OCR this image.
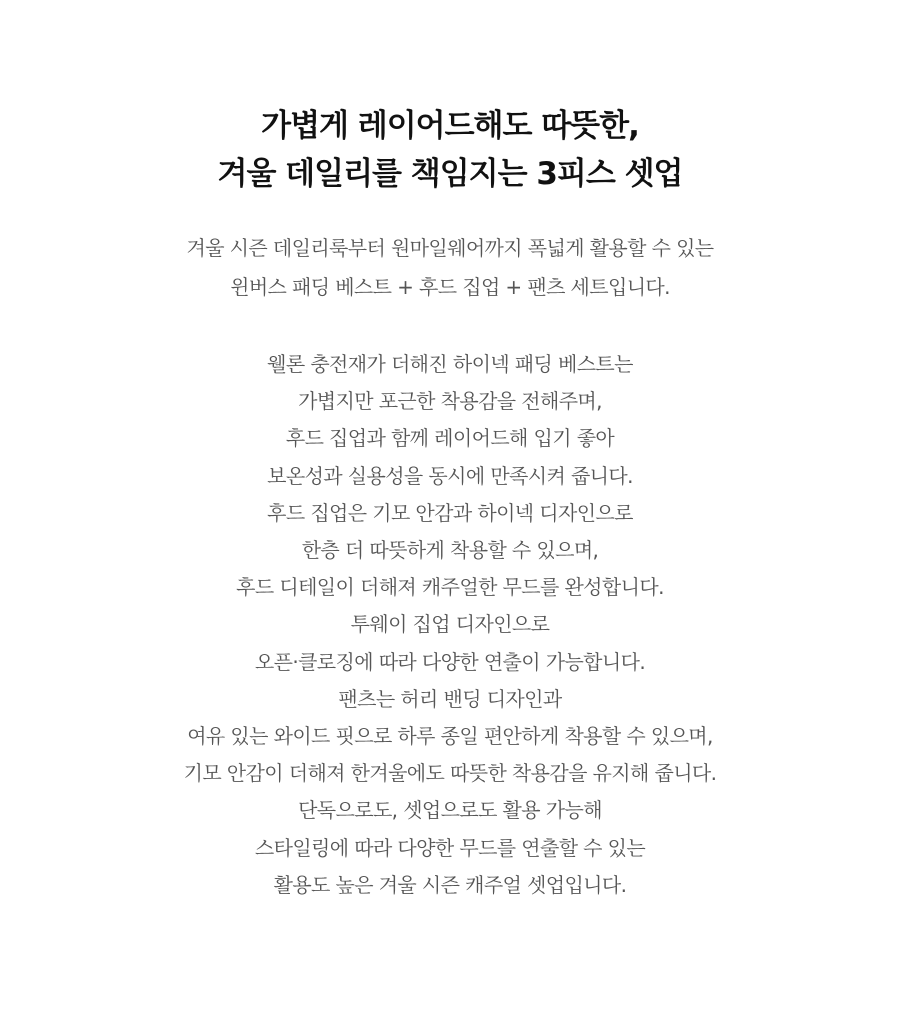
가볍게 레이어드해도 따뜻한,
겨울 데일리를 책임지는 3피스 셋업

겨울 시즌 데일리룩부터 원마일웨어까지 폭넓게 활용할 수 있는
윈버스 패딩 베스트 + 후드 집업 + 팬츠 세트입니다.

웰론 충전재가 더해진 하이넥 패딩 베스트는
가볍지만 포근한 착용감을 전해주며,
후드 집업과 함께 레이어드해 입기 좋아
보온성과 실용성을 동시에 만족시켜 줍니다.
후드 집업은 기모 안감과 하이넥 디자인으로
한층 더 따뜻하게 착용할 수 있으며,
후드 디테일이 더해져 캐주얼한 무드를 완성합니다.
투웨이 집업 디자인으로
오픈·클로징에 따라 다양한 연출이 가능합니다.
팬츠는 허리 밴딩 디자인과
여유 있는 와이드 핏으로 하루 종일 편안하게 착용할 수 있으며,
기모 안감이 더해져 한겨울에도 따뜻한 착용감을 유지해 줍니다.
단독으로도, 셋업으로도 활용 가능해
스타일링에 따라 다양한 무드를 연출할 수 있는
활용도 높은 겨울 시즌 캐주얼 셋업입니다.
